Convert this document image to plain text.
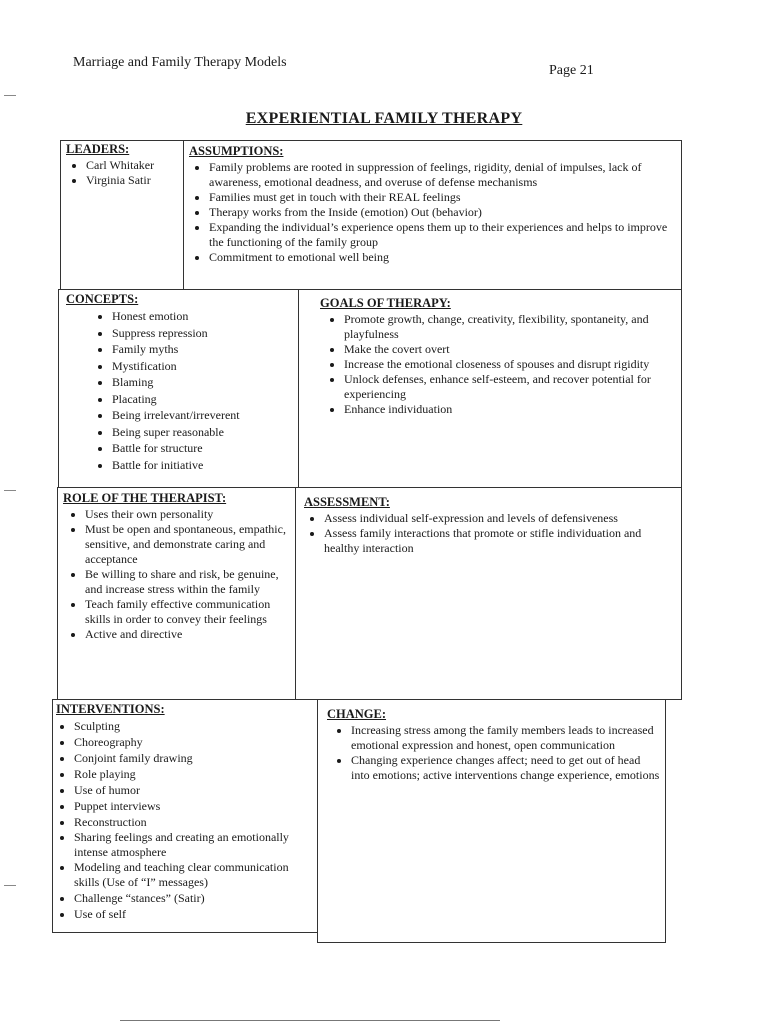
Marriage and Family Therapy Models
Page 21
EXPERIENTIAL FAMILY THERAPY
LEADERS:
• Carl Whitaker
• Virginia Satir
ASSUMPTIONS:
• Family problems are rooted in suppression of feelings, rigidity, denial of impulses, lack of awareness, emotional deadness, and overuse of defense mechanisms
• Families must get in touch with their REAL feelings
• Therapy works from the Inside (emotion) Out (behavior)
• Expanding the individual’s experience opens them up to their experiences and helps to improve the functioning of the family group
• Commitment to emotional well being
CONCEPTS:
• Honest emotion
• Suppress repression
• Family myths
• Mystification
• Blaming
• Placating
• Being irrelevant/irreverent
• Being super reasonable
• Battle for structure
• Battle for initiative
GOALS OF THERAPY:
• Promote growth, change, creativity, flexibility, spontaneity, and playfulness
• Make the covert overt
• Increase the emotional closeness of spouses and disrupt rigidity
• Unlock defenses, enhance self-esteem, and recover potential for experiencing
• Enhance individuation
ROLE OF THE THERAPIST:
• Uses their own personality
• Must be open and spontaneous, empathic, sensitive, and demonstrate caring and acceptance
• Be willing to share and risk, be genuine, and increase stress within the family
• Teach family effective communication skills in order to convey their feelings
• Active and directive
ASSESSMENT:
• Assess individual self-expression and levels of defensiveness
• Assess family interactions that promote or stifle individuation and healthy interaction
INTERVENTIONS:
• Sculpting
• Choreography
• Conjoint family drawing
• Role playing
• Use of humor
• Puppet interviews
• Reconstruction
• Sharing feelings and creating an emotionally intense atmosphere
• Modeling and teaching clear communication skills (Use of “I” messages)
• Challenge “stances” (Satir)
• Use of self
CHANGE:
• Increasing stress among the family members leads to increased emotional expression and honest, open communication
• Changing experience changes affect; need to get out of head into emotions; active interventions change experience, emotions
